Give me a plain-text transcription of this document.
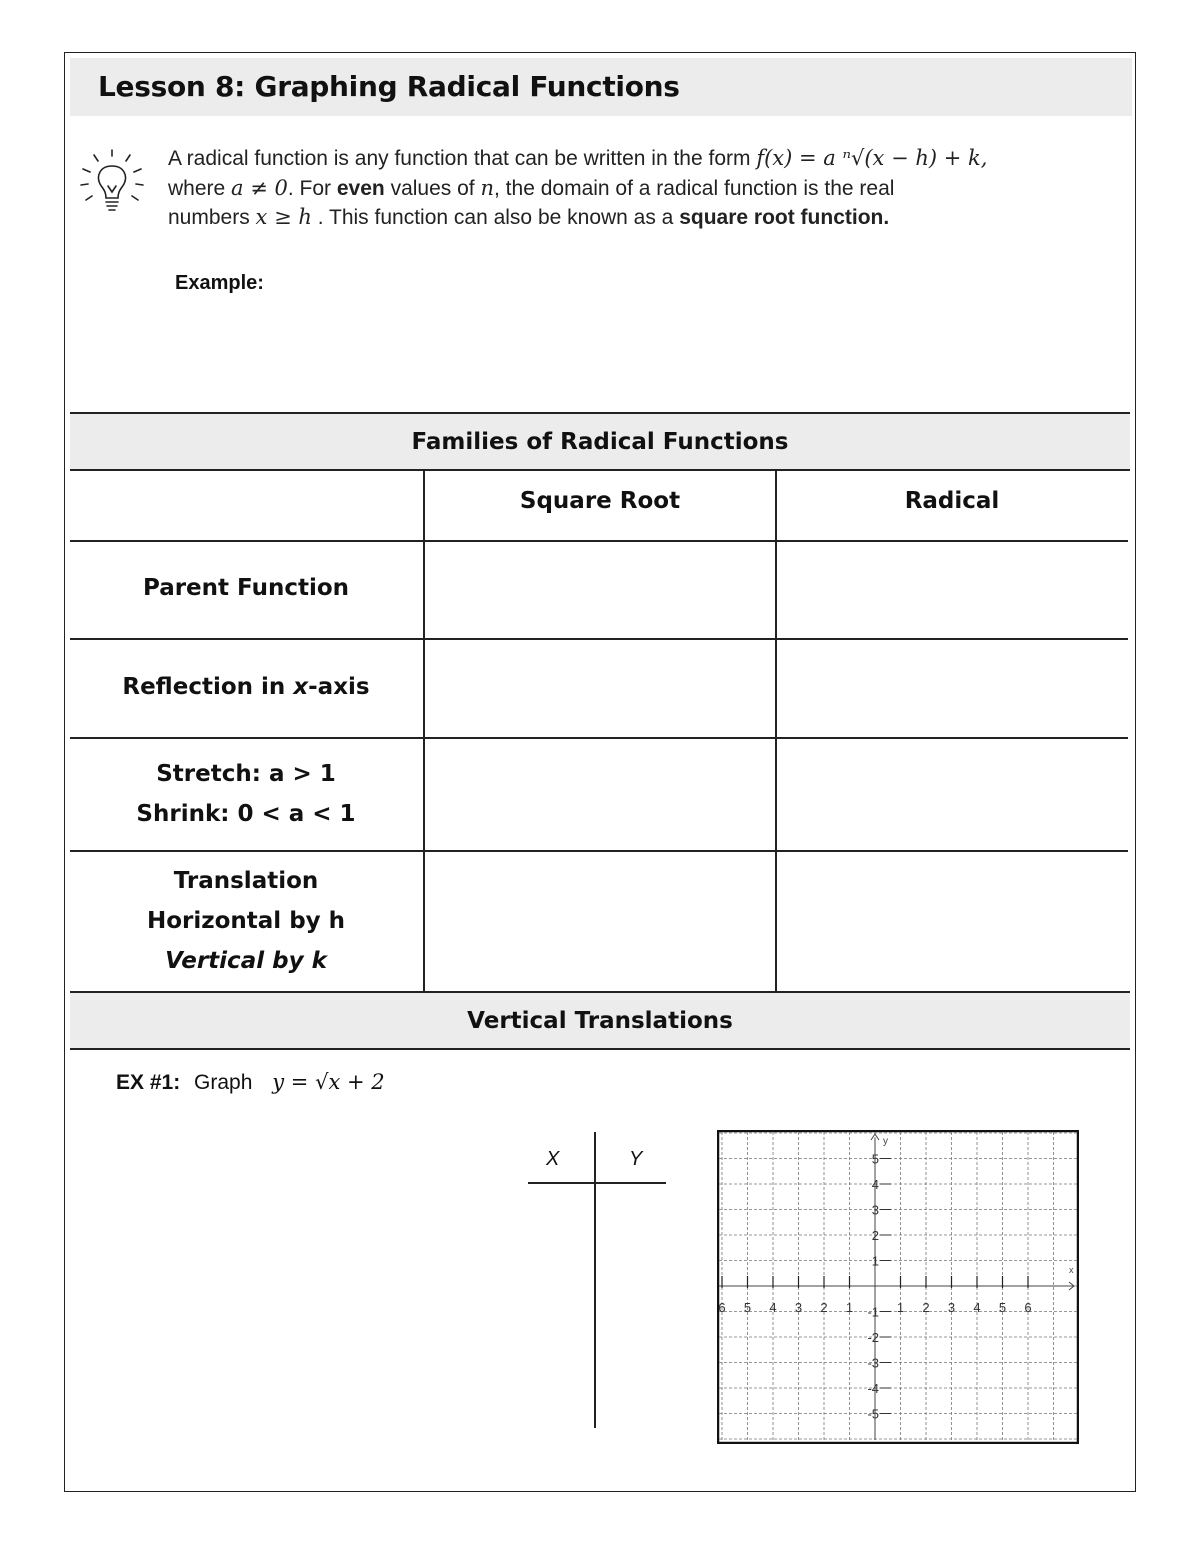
Lesson 8: Graphing Radical Functions
A radical function is any function that can be written in the form f(x) = a ⁿ√(x − h) + k,
where a ≠ 0. For even values of n, the domain of a radical function is the real
numbers x ≥ h . This function can also be known as a square root function.
Example:
Families of Radical Functions
Square Root	Radical
Parent Function
Reflection in x-axis
Stretch: a > 1
Shrink: 0 < a < 1
Translation
Horizontal by h
Vertical by k
Vertical Translations
EX #1: Graph y = √x + 2
X	Y
x
y
6 5 4 3 2 1	1 2 3 4 5 6
5
4
3
2
1
-1
-2
-3
-4
-5
